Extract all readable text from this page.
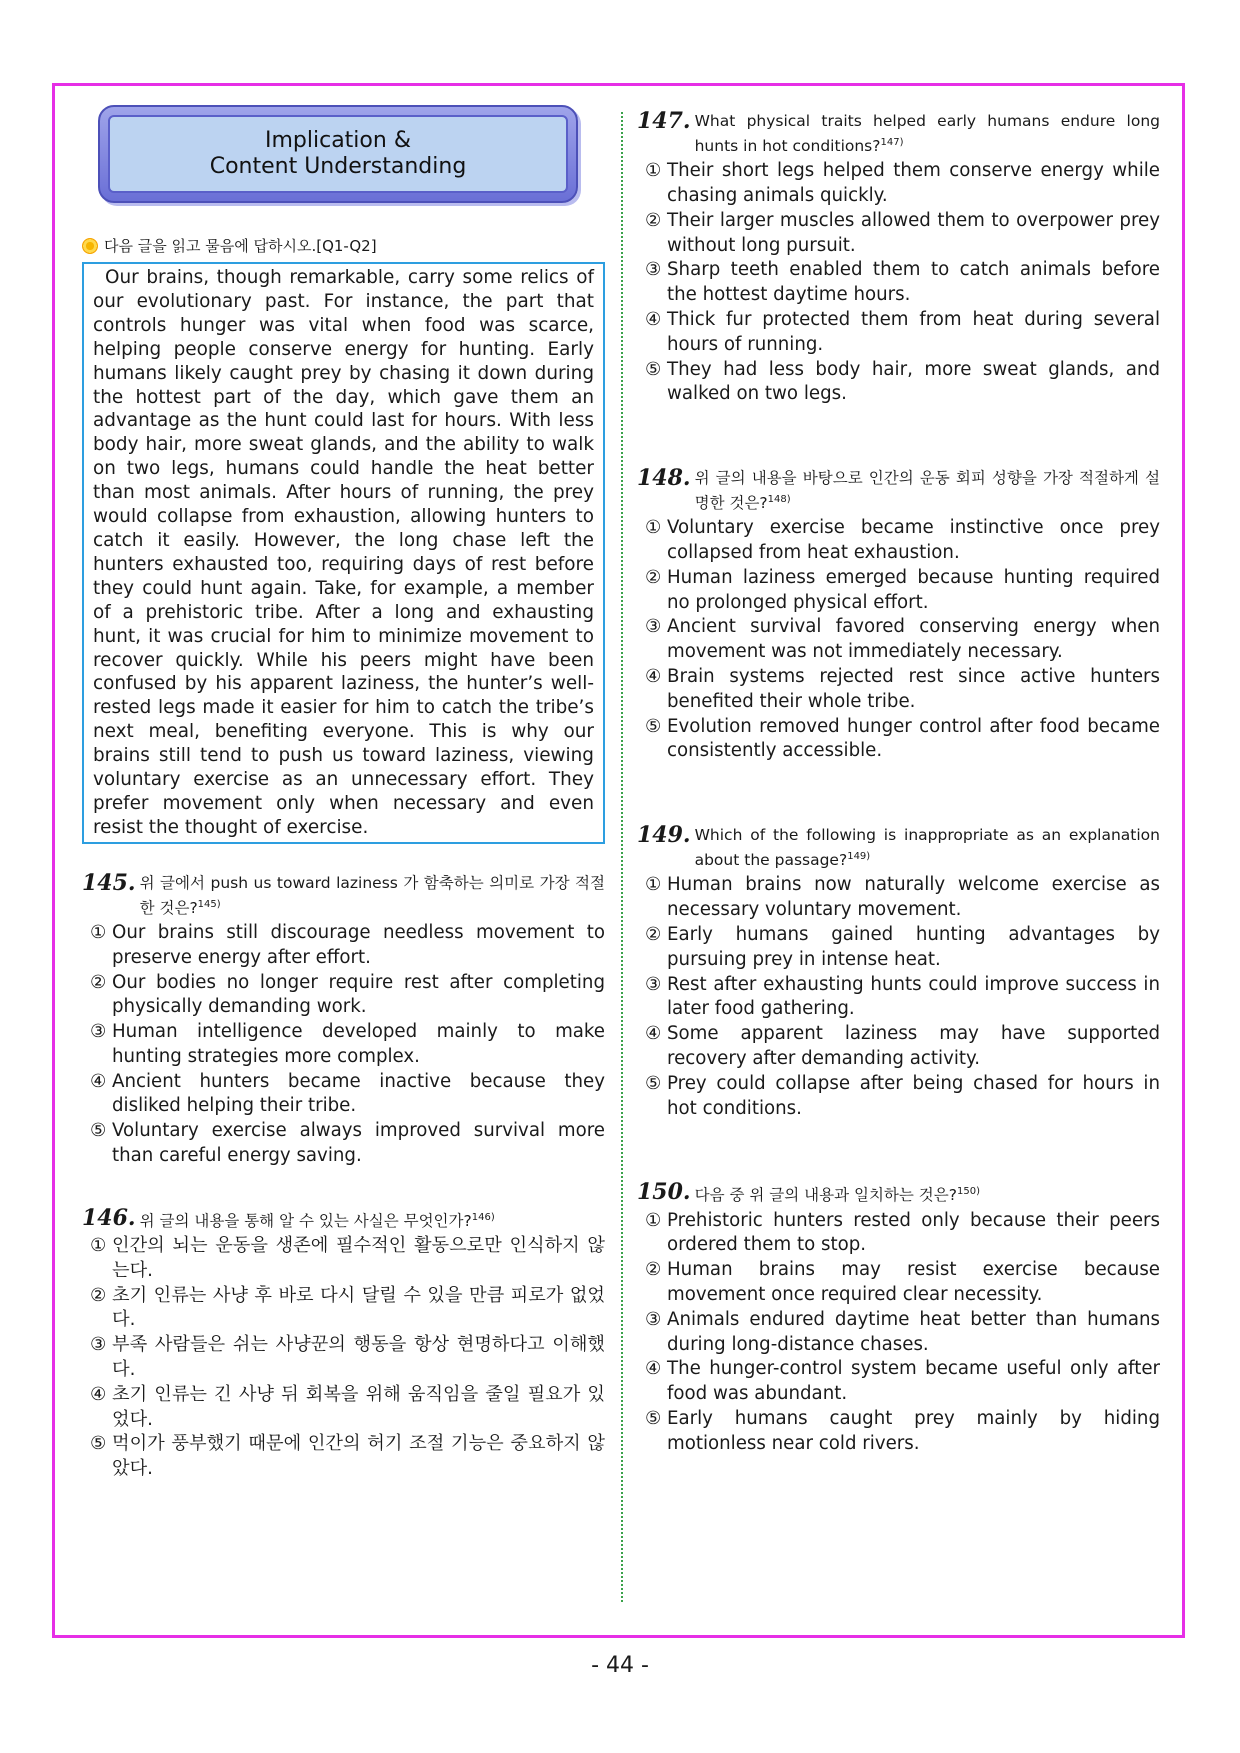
Implication &
Content Understanding
다음 글을 읽고 물음에 답하시오.[Q1-Q2]

Our brains, though remarkable, carry some relics of our evolutionary past. For instance, the part that controls hunger was vital when food was scarce, helping people conserve energy for hunting. Early humans likely caught prey by chasing it down during the hottest part of the day, which gave them an advantage as the hunt could last for hours. With less body hair, more sweat glands, and the ability to walk on two legs, humans could handle the heat better than most animals. After hours of running, the prey would collapse from exhaustion, allowing hunters to catch it easily. However, the long chase left the hunters exhausted too, requiring days of rest before they could hunt again. Take, for example, a member of a prehistoric tribe. After a long and exhausting hunt, it was crucial for him to minimize movement to recover quickly. While his peers might have been confused by his apparent laziness, the hunter’s well-rested legs made it easier for him to catch the tribe’s next meal, benefiting everyone. This is why our brains still tend to push us toward laziness, viewing voluntary exercise as an unnecessary effort. They prefer movement only when necessary and even resist the thought of exercise.

145. 위 글에서 push us toward laziness 가 함축하는 의미로 가장 적절한 것은?$^{145)}$
① Our brains still discourage needless movement to preserve energy after effort.
② Our bodies no longer require rest after completing physically demanding work.
③ Human intelligence developed mainly to make hunting strategies more complex.
④ Ancient hunters became inactive because they disliked helping their tribe.
⑤ Voluntary exercise always improved survival more than careful energy saving.
146. 위 글의 내용을 통해 알 수 있는 사실은 무엇인가?$^{146)}$
① 인간의 뇌는 운동을 생존에 필수적인 활동으로만 인식하지 않는다.
② 초기 인류는 사냥 후 바로 다시 달릴 수 있을 만큼 피로가 없었다.
③ 부족 사람들은 쉬는 사냥꾼의 행동을 항상 현명하다고 이해했다.
④ 초기 인류는 긴 사냥 뒤 회복을 위해 움직임을 줄일 필요가 있었다.
⑤ 먹이가 풍부했기 때문에 인간의 허기 조절 기능은 중요하지 않았다.
147. What physical traits helped early humans endure long hunts in hot conditions?$^{147)}$
① Their short legs helped them conserve energy while chasing animals quickly.
② Their larger muscles allowed them to overpower prey without long pursuit.
③ Sharp teeth enabled them to catch animals before the hottest daytime hours.
④ Thick fur protected them from heat during several hours of running.
⑤ They had less body hair, more sweat glands, and walked on two legs.
148. 위 글의 내용을 바탕으로 인간의 운동 회피 성향을 가장 적절하게 설명한 것은?$^{148)}$
① Voluntary exercise became instinctive once prey collapsed from heat exhaustion.
② Human laziness emerged because hunting required no prolonged physical effort.
③ Ancient survival favored conserving energy when movement was not immediately necessary.
④ Brain systems rejected rest since active hunters benefited their whole tribe.
⑤ Evolution removed hunger control after food became consistently accessible.
149. Which of the following is inappropriate as an explanation about the passage?$^{149)}$
① Human brains now naturally welcome exercise as necessary voluntary movement.
② Early humans gained hunting advantages by pursuing prey in intense heat.
③ Rest after exhausting hunts could improve success in later food gathering.
④ Some apparent laziness may have supported recovery after demanding activity.
⑤ Prey could collapse after being chased for hours in hot conditions.
150. 다음 중 위 글의 내용과 일치하는 것은?$^{150)}$
① Prehistoric hunters rested only because their peers ordered them to stop.
② Human brains may resist exercise because movement once required clear necessity.
③ Animals endured daytime heat better than humans during long-distance chases.
④ The hunger-control system became useful only after food was abundant.
⑤ Early humans caught prey mainly by hiding motionless near cold rivers.
- 44 -
